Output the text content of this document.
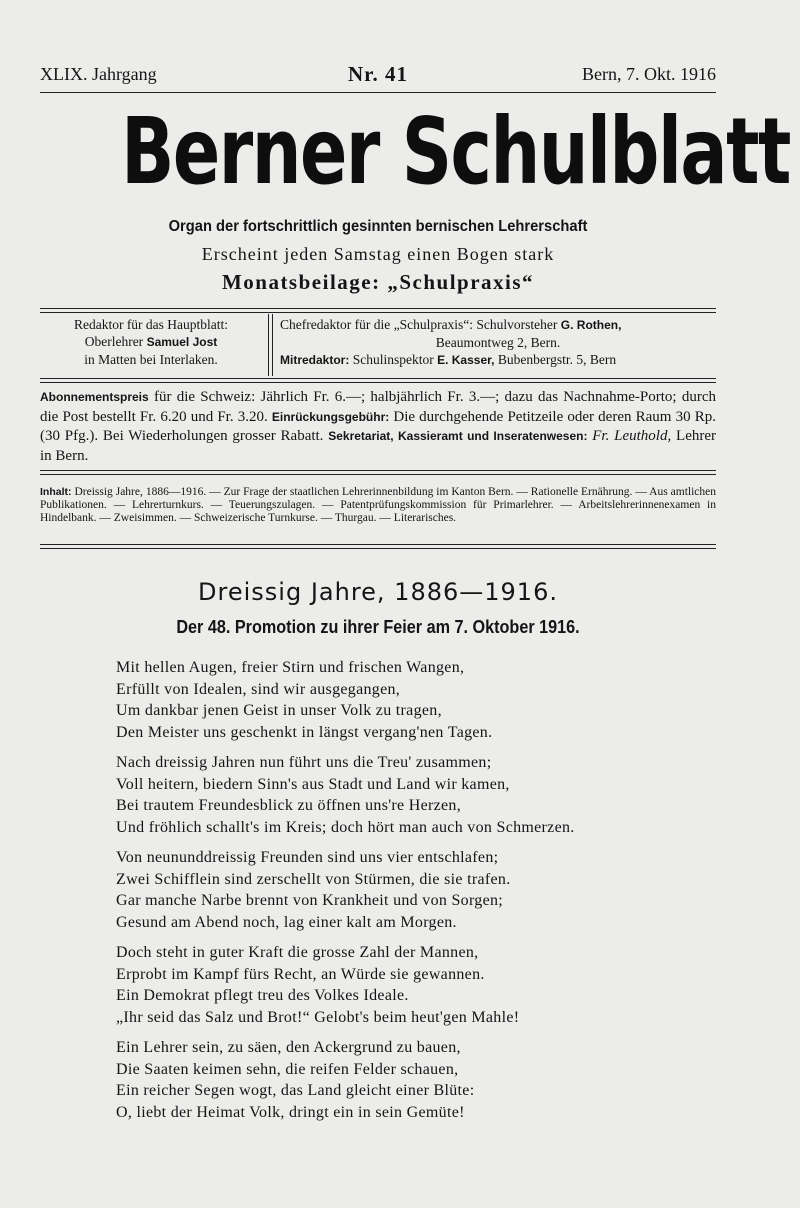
XLIX. Jahrgang	Nr. 41	Bern, 7. Okt. 1916
Berner Schulblatt
Organ der fortschrittlich gesinnten bernischen Lehrerschaft
Erscheint jeden Samstag einen Bogen stark
Monatsbeilage: „Schulpraxis“
Redaktor für das Hauptblatt:
Oberlehrer Samuel Jost
in Matten bei Interlaken.
Chefredaktor für die „Schulpraxis“: Schulvorsteher G. Rothen,
Beaumontweg 2, Bern.
Mitredaktor: Schulinspektor E. Kasser, Bubenbergstr. 5, Bern

Abonnementspreis für die Schweiz: Jährlich Fr. 6.—; halbjährlich Fr. 3.—; dazu das Nachnahme-Porto; durch die Post bestellt Fr. 6.20 und Fr. 3.20. Einrückungsgebühr: Die durchgehende Petitzeile oder deren Raum 30 Rp. (30 Pfg.). Bei Wiederholungen grosser Rabatt. Sekretariat, Kassieramt und Inseratenwesen: Fr. Leuthold, Lehrer in Bern.

Inhalt: Dreissig Jahre, 1886—1916. — Zur Frage der staatlichen Lehrerinnenbildung im Kanton Bern. — Rationelle Ernährung. — Aus amtlichen Publikationen. — Lehrerturnkurs. — Teuerungszulagen. — Patentprüfungskommission für Primarlehrer. — Arbeitslehrerinnenexamen in Hindelbank. — Zweisimmen. — Schweizerische Turnkurse. — Thurgau. — Literarisches.

Dreissig Jahre, 1886—1916.
Der 48. Promotion zu ihrer Feier am 7. Oktober 1916.
Mit hellen Augen, freier Stirn und frischen Wangen,
Erfüllt von Idealen, sind wir ausgegangen,
Um dankbar jenen Geist in unser Volk zu tragen,
Den Meister uns geschenkt in längst vergang'nen Tagen.
Nach dreissig Jahren nun führt uns die Treu' zusammen;
Voll heitern, biedern Sinn's aus Stadt und Land wir kamen,
Bei trautem Freundesblick zu öffnen uns're Herzen,
Und fröhlich schallt's im Kreis; doch hört man auch von Schmerzen.
Von neununddreissig Freunden sind uns vier entschlafen;
Zwei Schifflein sind zerschellt von Stürmen, die sie trafen.
Gar manche Narbe brennt von Krankheit und von Sorgen;
Gesund am Abend noch, lag einer kalt am Morgen.
Doch steht in guter Kraft die grosse Zahl der Mannen,
Erprobt im Kampf fürs Recht, an Würde sie gewannen.
Ein Demokrat pflegt treu des Volkes Ideale.
„Ihr seid das Salz und Brot!“ Gelobt's beim heut'gen Mahle!
Ein Lehrer sein, zu säen, den Ackergrund zu bauen,
Die Saaten keimen sehn, die reifen Felder schauen,
Ein reicher Segen wogt, das Land gleicht einer Blüte:
O, liebt der Heimat Volk, dringt ein in sein Gemüte!
